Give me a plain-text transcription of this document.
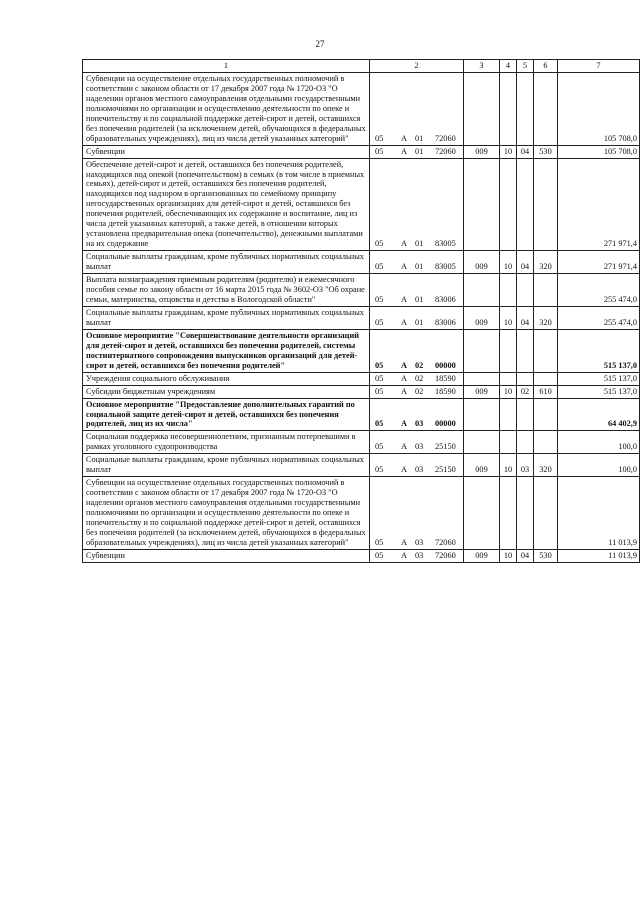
27
1	2	3	4	5	6	7
Субвенции на осуществление отдельных государственных полномочий в соответствии с законом области от 17 декабря 2007 года № 1720-ОЗ "О наделении органов местного самоуправления отдельными государственными полномочиями по организации и осуществлению деятельности по опеке и попечительству и по социальной поддержке детей-сирот и детей, оставшихся без попечения родителей (за исключением детей, обучающихся в федеральных образовательных учреждениях), лиц из числа детей указанных категорий"	05 А 01 72060					105 708,0
Субвенции	05 А 01 72060	009	10	04	530	105 708,0
Обеспечение детей-сирот и детей, оставшихся без попечения родителей, находящихся под опекой (попечительством) в семьях (в том числе в приемных семьях), детей-сирот и детей, оставшихся без попечения родителей, находящихся под надзором в организованных по семейному принципу негосударственных организациях для детей-сирот и детей, оставшихся без попечения родителей, обеспечивающих их содержание и воспитание, лиц из числа детей указанных категорий, а также детей, в отношении которых установлена предварительная опека (попечительство), денежными выплатами на их содержание	05 А 01 83005					271 971,4
Социальные выплаты гражданам, кроме публичных нормативных социальных выплат	05 А 01 83005	009	10	04	320	271 971,4
Выплата вознаграждения приемным родителям (родителю) и ежемесячного пособия семье по закону области от 16 марта 2015 года № 3602-ОЗ "Об охране семьи, материнства, отцовства и детства в Вологодской области"	05 А 01 83006					255 474,0
Социальные выплаты гражданам, кроме публичных нормативных социальных выплат	05 А 01 83006	009	10	04	320	255 474,0
Основное мероприятие "Совершенствование деятельности организаций для детей-сирот и детей, оставшихся без попечения родителей, системы постинтернатного сопровождения выпускников организаций для детей-сирот и детей, оставшихся без попечения родителей"	05 А 02 00000					515 137,0
Учреждения социального обслуживания	05 А 02 18590					515 137,0
Субсидии бюджетным учреждениям	05 А 02 18590	009	10	02	610	515 137,0
Основное мероприятие "Предоставление дополнительных гарантий по социальной защите детей-сирот и детей, оставшихся без попечения родителей, лиц из их числа"	05 А 03 00000					64 402,9
Социальная поддержка несовершеннолетним, признанным потерпевшими в рамках уголовного судопроизводства	05 А 03 25150					100,0
Социальные выплаты гражданам, кроме публичных нормативных социальных выплат	05 А 03 25150	009	10	03	320	100,0
Субвенции на осуществление отдельных государственных полномочий в соответствии с законом области от 17 декабря 2007 года № 1720-ОЗ "О наделении органов местного самоуправления отдельными государственными полномочиями по организации и осуществлению деятельности по опеке и попечительству и по социальной поддержке детей-сирот и детей, оставшихся без попечения родителей (за исключением детей, обучающихся в федеральных образовательных учреждениях), лиц из числа детей указанных категорий"	05 А 03 72060					11 013,9
Субвенции	05 А 03 72060	009	10	04	530	11 013,9
